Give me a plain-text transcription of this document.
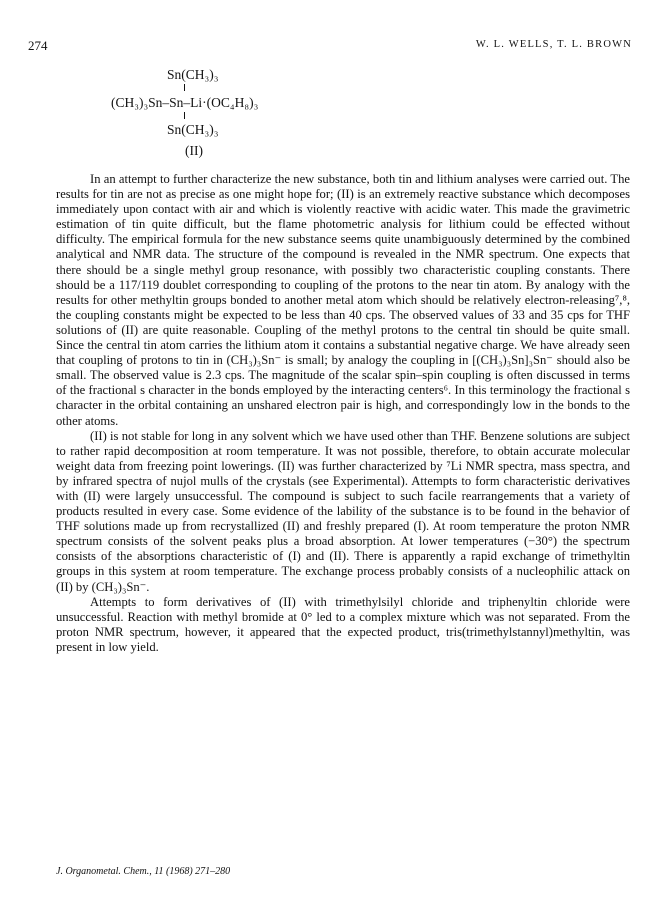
274	W. L. WELLS, T. L. BROWN
Sn(CH₃)₃
(CH₃)₃Sn–Sn–Li·(OC₄H₈)₃
Sn(CH₃)₃
(II)

In an attempt to further characterize the new substance, both tin and lithium analyses were carried out. The results for tin are not as precise as one might hope for; (II) is an extremely reactive substance which decomposes immediately upon contact with air and which is violently reactive with acidic water. This made the gravimetric estimation of tin quite difficult, but the flame photometric analysis for lithium could be effected without difficulty. The empirical formula for the new substance seems quite unambiguously determined by the combined analytical and NMR data. The structure of the compound is revealed in the NMR spectrum. One expects that there should be a single methyl group resonance, with possibly two characteristic coupling constants. There should be a 117/119 doublet corresponding to coupling of the protons to the near tin atom. By analogy with the results for other methyltin groups bonded to another metal atom which should be relatively electron-releasing⁷,⁸, the coupling constants might be expected to be less than 40 cps. The observed values of 33 and 35 cps for THF solutions of (II) are quite reasonable. Coupling of the methyl protons to the central tin should be quite small. Since the central tin atom carries the lithium atom it contains a substantial negative charge. We have already seen that coupling of protons to tin in (CH₃)₃Sn⁻ is small; by analogy the coupling in [(CH₃)₃Sn]₃Sn⁻ should also be small. The observed value is 2.3 cps. The magnitude of the scalar spin–spin coupling is often discussed in terms of the fractional s character in the bonds employed by the interacting centers⁶. In this terminology the fractional s character in the orbital containing an unshared electron pair is high, and correspondingly low in the bonds to the other atoms.

(II) is not stable for long in any solvent which we have used other than THF. Benzene solutions are subject to rather rapid decomposition at room temperature. It was not possible, therefore, to obtain accurate molecular weight data from freezing point lowerings. (II) was further characterized by ⁷Li NMR spectra, mass spectra, and by infrared spectra of nujol mulls of the crystals (see Experimental). Attempts to form characteristic derivatives with (II) were largely unsuccessful. The compound is subject to such facile rearrangements that a variety of products resulted in every case. Some evidence of the lability of the substance is to be found in the behavior of THF solutions made up from recrystallized (II) and freshly prepared (I). At room temperature the proton NMR spectrum consists of the solvent peaks plus a broad absorption. At lower temperatures (−30°) the spectrum consists of the absorptions characteristic of (I) and (II). There is apparently a rapid exchange of trimethyltin groups in this system at room temperature. The exchange process probably consists of a nucleophilic attack on (II) by (CH₃)₃Sn⁻.

Attempts to form derivatives of (II) with trimethylsilyl chloride and triphenyltin chloride were unsuccessful. Reaction with methyl bromide at 0° led to a complex mixture which was not separated. From the proton NMR spectrum, however, it appeared that the expected product, tris(trimethylstannyl)methyltin, was present in low yield.

J. Organometal. Chem., 11 (1968) 271–280
